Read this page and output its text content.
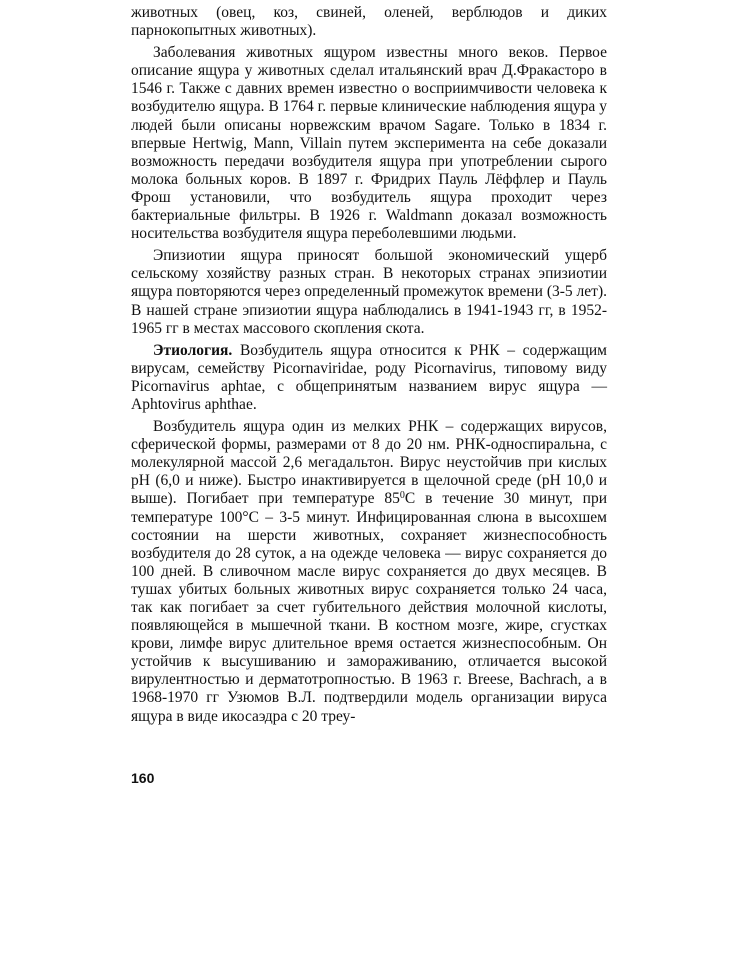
животных (овец, коз, свиней, оленей, верблюдов и диких парнокопытных животных).

Заболевания животных ящуром известны много веков. Первое описание ящура у животных сделал итальянский врач Д.Фракасторо в 1546 г. Также с давних времен известно о восприимчивости человека к возбудителю ящура. В 1764 г. первые клинические наблюдения ящура у людей были описаны норвежским врачом Sagare. Только в 1834 г. впервые Hertwig, Mann, Villain путем эксперимента на себе доказали возможность передачи возбудителя ящура при употреблении сырого молока больных коров. В 1897 г. Фридрих Пауль Лёффлер и Пауль Фрош установили, что возбудитель ящура проходит через бактериальные фильтры. В 1926 г. Waldmann доказал возможность носительства возбудителя ящура переболевшими людьми.

Эпизиотии ящура приносят большой экономический ущерб сельскому хозяйству разных стран. В некоторых странах эпизиотии ящура повторяются через определенный промежуток времени (3-5 лет). В нашей стране эпизиотии ящура наблюдались в 1941-1943 гг, в 1952-1965 гг в местах массового скопления скота.

Этиология. Возбудитель ящура относится к РНК – содержащим вирусам, семейству Picornaviridae, роду Picornavirus, типовому виду Picornavirus aphtae, с общепринятым названием вирус ящура — Aphtovirus aphthae.

Возбудитель ящура один из мелких РНК – содержащих вирусов, сферической формы, размерами от 8 до 20 нм. РНК-односпиральна, с молекулярной массой 2,6 мегадальтон. Вирус неустойчив при кислых pH (6,0 и ниже). Быстро инактивируется в щелочной среде (pH 10,0 и выше). Погибает при температуре $85^0С$ в течение 30 минут, при температуре 100°С – 3-5 минут. Инфицированная слюна в высохшем состоянии на шерсти животных, сохраняет жизнеспособность возбудителя до 28 суток, а на одежде человека — вирус сохраняется до 100 дней. В сливочном масле вирус сохраняется до двух месяцев. В тушах убитых больных животных вирус сохраняется только 24 часа, так как погибает за счет губительного действия молочной кислоты, появляющейся в мышечной ткани. В костном мозге, жире, сгустках крови, лимфе вирус длительное время остается жизнеспособным. Он устойчив к высушиванию и замораживанию, отличается высокой вирулентностью и дерматотропностью. В 1963 г. Breese, Bachrach, а в 1968-1970 гг Узюмов В.Л. подтвердили модель организации вируса ящура в виде икосаэдра с 20 треу-

160
